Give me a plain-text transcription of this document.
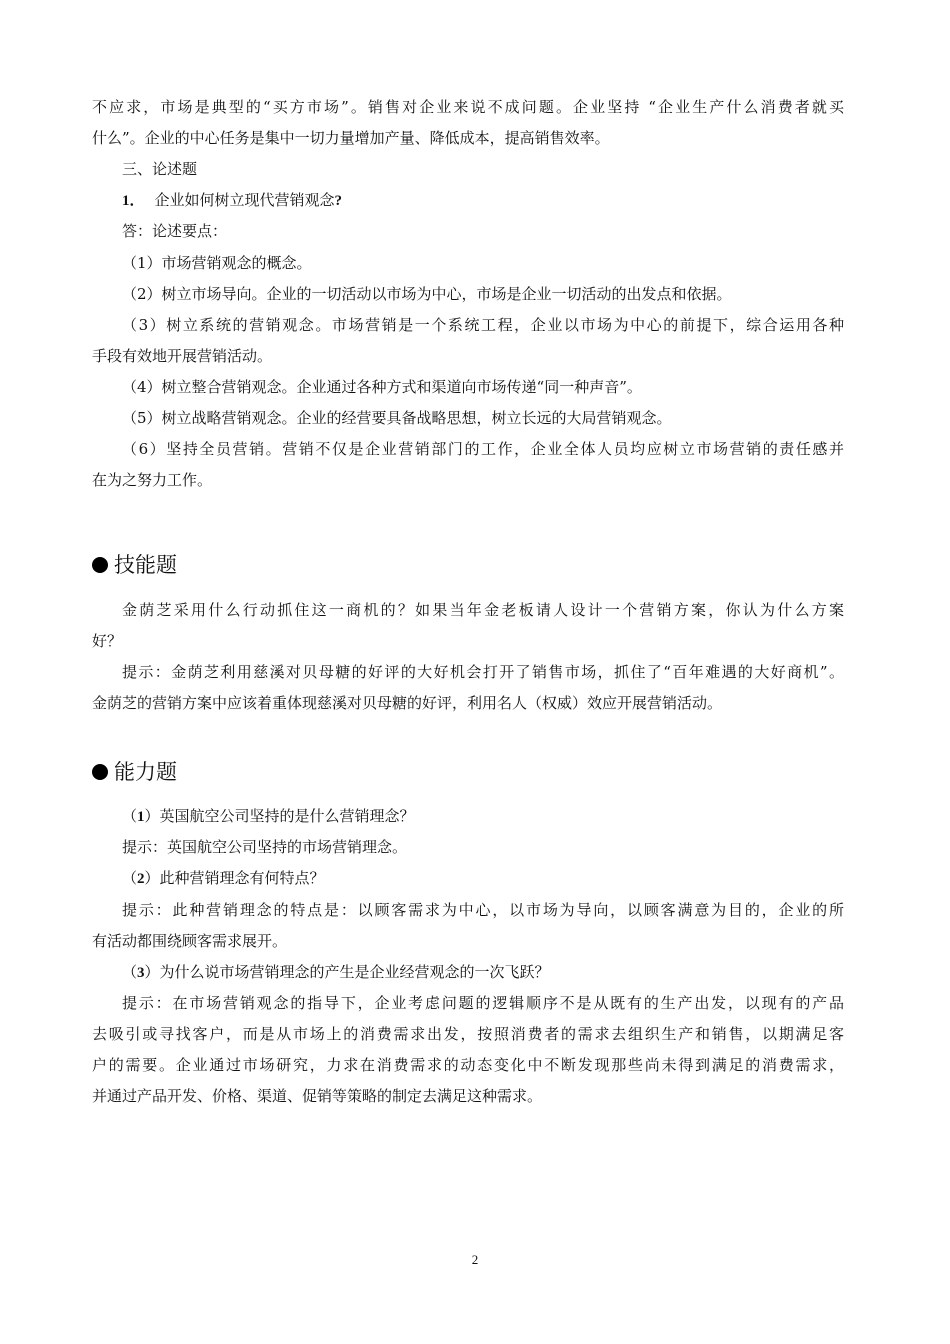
不应求，市场是典型的“买方市场”。销售对企业来说不成问题。企业坚持 “企业生产什么消费者就买
什么”。企业的中心任务是集中一切力量增加产量、降低成本，提高销售效率。
三、论述题
1． 企业如何树立现代营销观念?
答：论述要点：
（1）市场营销观念的概念。
（2）树立市场导向。企业的一切活动以市场为中心，市场是企业一切活动的出发点和依据。
（3）树立系统的营销观念。市场营销是一个系统工程，企业以市场为中心的前提下，综合运用各种
手段有效地开展营销活动。
（4）树立整合营销观念。企业通过各种方式和渠道向市场传递“同一种声音”。
（5）树立战略营销观念。企业的经营要具备战略思想，树立长远的大局营销观念。
（6）坚持全员营销。营销不仅是企业营销部门的工作，企业全体人员均应树立市场营销的责任感并
在为之努力工作。
技能题
金荫芝采用什么行动抓住这一商机的？如果当年金老板请人设计一个营销方案，你认为什么方案
好？
提示：金荫芝利用慈溪对贝母糖的好评的大好机会打开了销售市场，抓住了“百年难遇的大好商机”。
金荫芝的营销方案中应该着重体现慈溪对贝母糖的好评，利用名人（权威）效应开展营销活动。
能力题
（1）英国航空公司坚持的是什么营销理念？
提示：英国航空公司坚持的市场营销理念。
（2）此种营销理念有何特点？
提示：此种营销理念的特点是：以顾客需求为中心，以市场为导向，以顾客满意为目的，企业的所
有活动都围绕顾客需求展开。
（3）为什么说市场营销理念的产生是企业经营观念的一次飞跃？
提示：在市场营销观念的指导下，企业考虑问题的逻辑顺序不是从既有的生产出发，以现有的产品
去吸引或寻找客户，而是从市场上的消费需求出发，按照消费者的需求去组织生产和销售，以期满足客
户的需要。企业通过市场研究，力求在消费需求的动态变化中不断发现那些尚未得到满足的消费需求，
并通过产品开发、价格、渠道、促销等策略的制定去满足这种需求。
2
